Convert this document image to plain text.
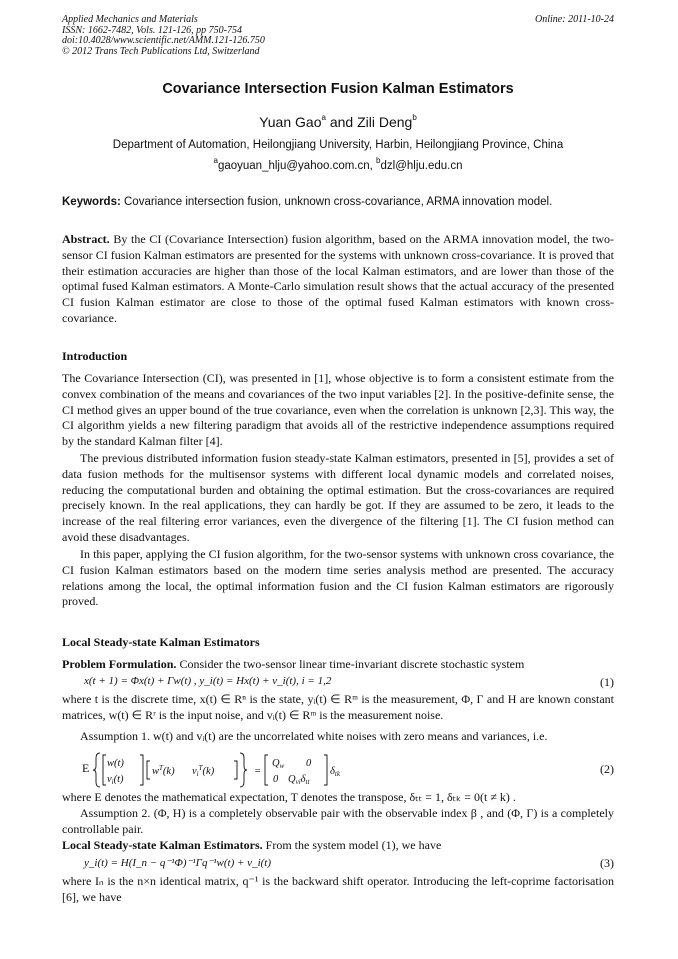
Applied Mechanics and Materials
ISSN: 1662-7482, Vols. 121-126, pp 750-754
doi:10.4028/www.scientific.net/AMM.121-126.750
© 2012 Trans Tech Publications Ltd, Switzerland
Online: 2011-10-24
Covariance Intersection Fusion Kalman Estimators
Yuan Gao$^a$ and Zili Deng$^b$
Department of Automation, Heilongjiang University, Harbin, Heilongjiang Province, China
$^a$gaoyuan_hlju@yahoo.com.cn, $^b$dzl@hlju.edu.cn
Keywords: Covariance intersection fusion, unknown cross-covariance, ARMA innovation model.

Abstract. By the CI (Covariance Intersection) fusion algorithm, based on the ARMA innovation model, the two-sensor CI fusion Kalman estimators are presented for the systems with unknown cross-covariance. It is proved that their estimation accuracies are higher than those of the local Kalman estimators, and are lower than those of the optimal fused Kalman estimators. A Monte-Carlo simulation result shows that the actual accuracy of the presented CI fusion Kalman estimator are close to those of the optimal fused Kalman estimators with known cross-covariance.

Introduction

The Covariance Intersection (CI), was presented in [1], whose objective is to form a consistent estimate from the convex combination of the means and covariances of the two input variables [2]. In the positive-definite sense, the CI method gives an upper bound of the true covariance, even when the correlation is unknown [2,3]. This way, the CI algorithm yields a new filtering paradigm that avoids all of the restrictive independence assumptions required by the standard Kalman filter [4].

The previous distributed information fusion steady-state Kalman estimators, presented in [5], provides a set of data fusion methods for the multisensor systems with different local dynamic models and correlated noises, reducing the computational burden and obtaining the optimal estimation. But the cross-covariances are required precisely known. In the real applications, they can hardly be got. If they are assumed to be zero, it leads to the increase of the real filtering error variances, even the divergence of the filtering [1]. The CI fusion method can avoid these disadvantages.

In this paper, applying the CI fusion algorithm, for the two-sensor systems with unknown cross covariance, the CI fusion Kalman estimators based on the modern time series analysis method are presented. The accuracy relations among the local, the optimal information fusion and the CI fusion Kalman estimators are rigorously proved.

Local Steady-state Kalman Estimators

Problem Formulation. Consider the two-sensor linear time-invariant discrete stochastic system

x(t + 1) = Φx(t) + Γw(t) , y_i(t) = Hx(t) + v_i(t), i = 1,2	(1)

where t is the discrete time, x(t) ∈ Rⁿ is the state, yᵢ(t) ∈ Rᵐ is the measurement, Φ, Γ and H are known constant matrices, w(t) ∈ Rʳ is the input noise, and vᵢ(t) ∈ Rᵐ is the measurement noise.

Assumption 1. w(t) and vᵢ(t) are the uncorrelated white noises with zero means and variances, i.e.

E w(t)
vi(t)
$w^T(k)$ $vi^T(k)$	=
Qw 0
0 Qviδtt
δtk	(2)

where E denotes the mathematical expectation, T denotes the transpose, δₜₜ = 1, δₜₖ = 0(t ≠ k) .

Assumption 2. (Φ, H) is a completely observable pair with the observable index β , and (Φ, Γ) is a completely controllable pair.

Local Steady-state Kalman Estimators. From the system model (1), we have

y_i(t) = H(I_n − q⁻¹Φ)⁻¹Γq⁻¹w(t) + v_i(t)	(3)

where Iₙ is the n×n identical matrix, q⁻¹ is the backward shift operator. Introducing the left-coprime factorisation [6], we have
